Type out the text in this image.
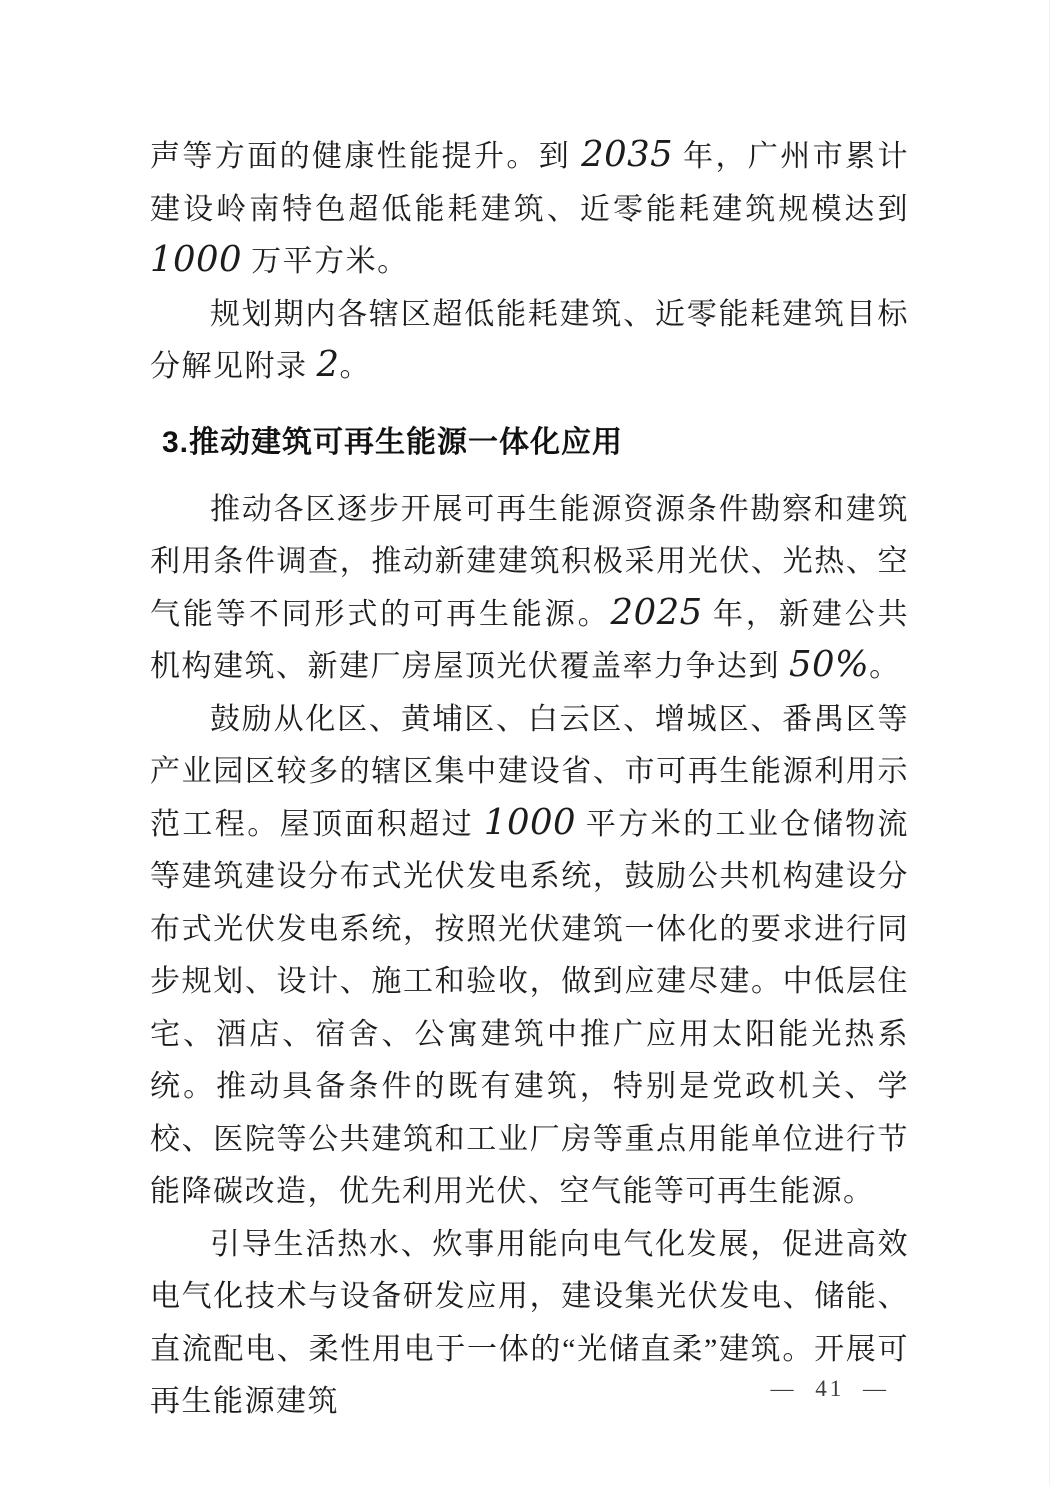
声等方面的健康性能提升。到 2035 年，广州市累计建设岭南特色超低能耗建筑、近零能耗建筑规模达到 1000 万平方米。

规划期内各辖区超低能耗建筑、近零能耗建筑目标分解见附录 2。

3.推动建筑可再生能源一体化应用

推动各区逐步开展可再生能源资源条件勘察和建筑利用条件调查，推动新建建筑积极采用光伏、光热、空气能等不同形式的可再生能源。2025 年，新建公共机构建筑、新建厂房屋顶光伏覆盖率力争达到 50%。

鼓励从化区、黄埔区、白云区、增城区、番禺区等产业园区较多的辖区集中建设省、市可再生能源利用示范工程。屋顶面积超过 1000 平方米的工业仓储物流等建筑建设分布式光伏发电系统，鼓励公共机构建设分布式光伏发电系统，按照光伏建筑一体化的要求进行同步规划、设计、施工和验收，做到应建尽建。中低层住宅、酒店、宿舍、公寓建筑中推广应用太阳能光热系统。推动具备条件的既有建筑，特别是党政机关、学校、医院等公共建筑和工业厂房等重点用能单位进行节能降碳改造，优先利用光伏、空气能等可再生能源。

引导生活热水、炊事用能向电气化发展，促进高效电气化技术与设备研发应用，建设集光伏发电、储能、直流配电、柔性用电于一体的“光储直柔”建筑。开展可再生能源建筑	— 41 —
